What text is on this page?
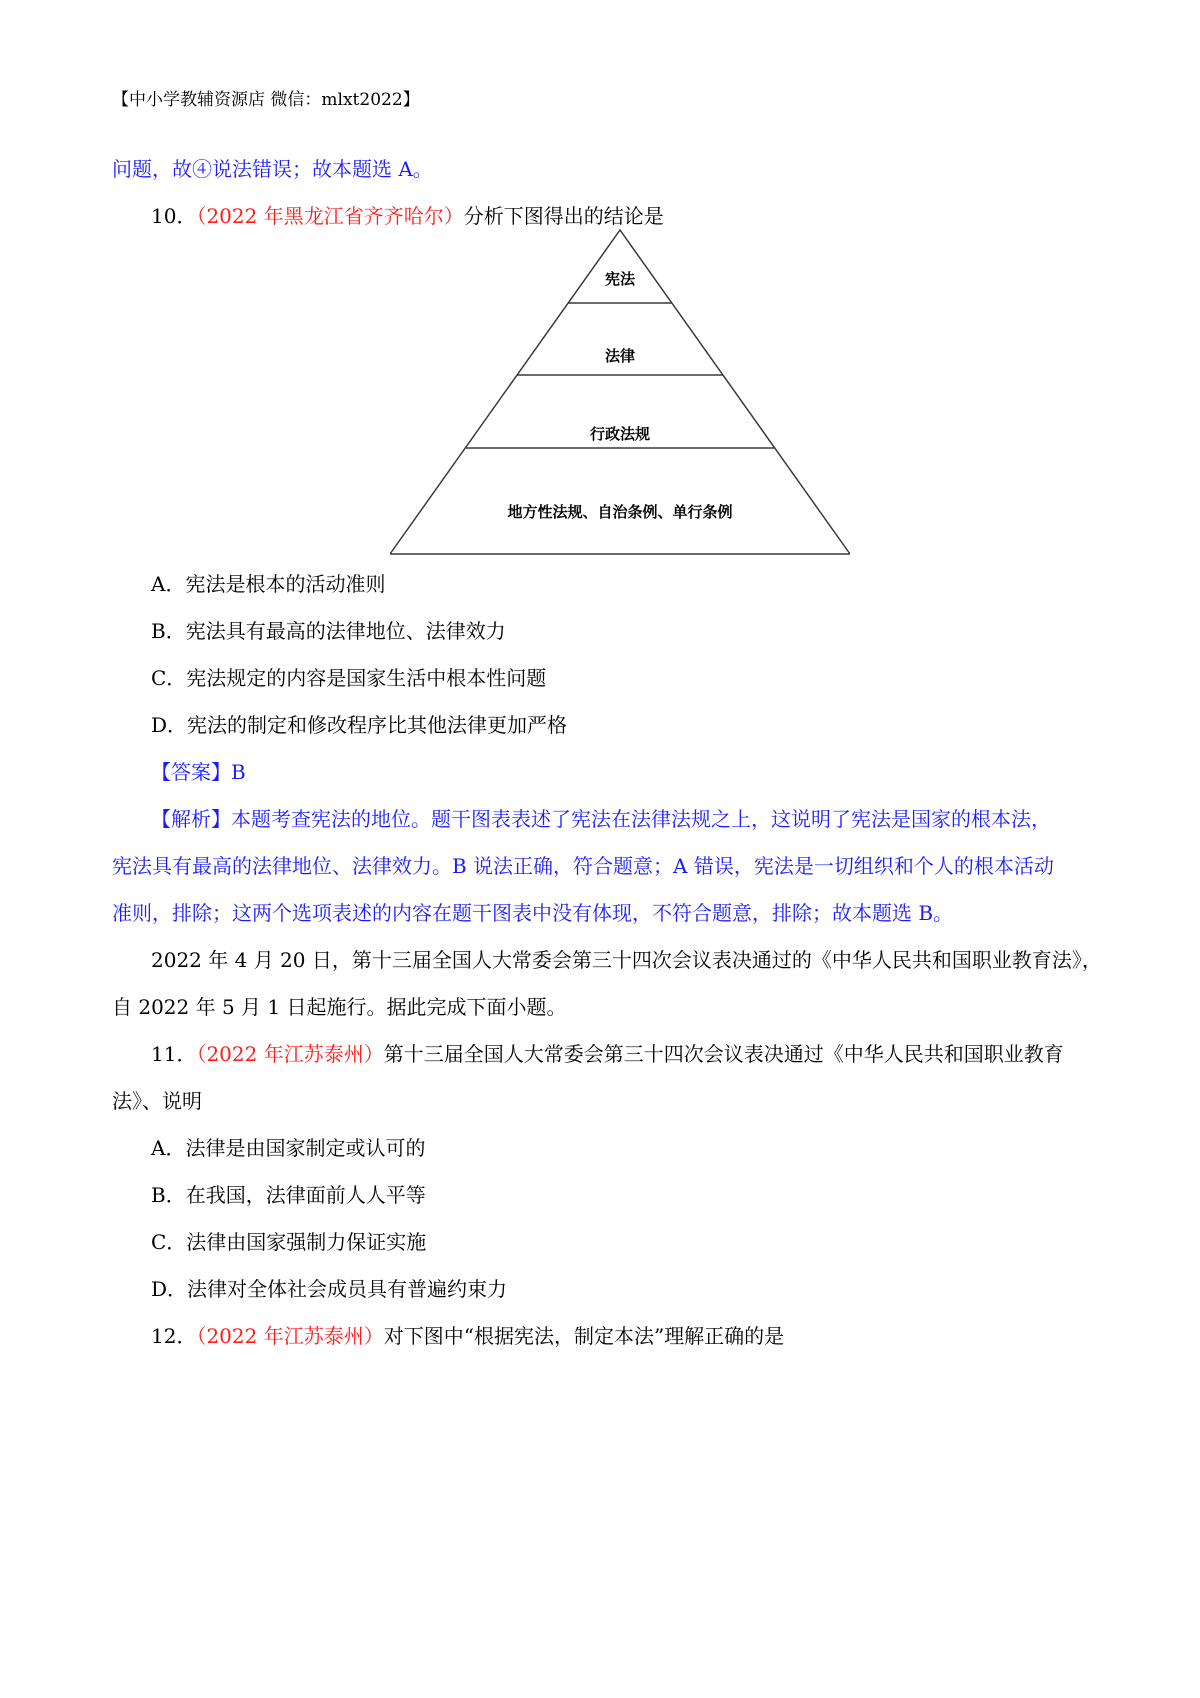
【中小学教辅资源店 微信：mlxt2022】
问题，故④说法错误；故本题选 A。
10．（2022 年黑龙江省齐齐哈尔）分析下图得出的结论是
宪法
法律
行政法规
地方性法规、自治条例、单行条例
A．宪法是根本的活动准则
B．宪法具有最高的法律地位、法律效力
C．宪法规定的内容是国家生活中根本性问题
D．宪法的制定和修改程序比其他法律更加严格
【答案】B
【解析】本题考查宪法的地位。题干图表表述了宪法在法律法规之上，这说明了宪法是国家的根本法，
宪法具有最高的法律地位、法律效力。B 说法正确，符合题意；A 错误，宪法是一切组织和个人的根本活动
准则，排除；这两个选项表述的内容在题干图表中没有体现，不符合题意，排除；故本题选 B。
2022 年 4 月 20 日，第十三届全国人大常委会第三十四次会议表决通过的《中华人民共和国职业教育法》，
自 2022 年 5 月 1 日起施行。据此完成下面小题。
11．（2022 年江苏泰州）第十三届全国人大常委会第三十四次会议表决通过《中华人民共和国职业教育
法》、说明
A．法律是由国家制定或认可的
B．在我国，法律面前人人平等
C．法律由国家强制力保证实施
D．法律对全体社会成员具有普遍约束力
12．（2022 年江苏泰州）对下图中“根据宪法，制定本法”理解正确的是
